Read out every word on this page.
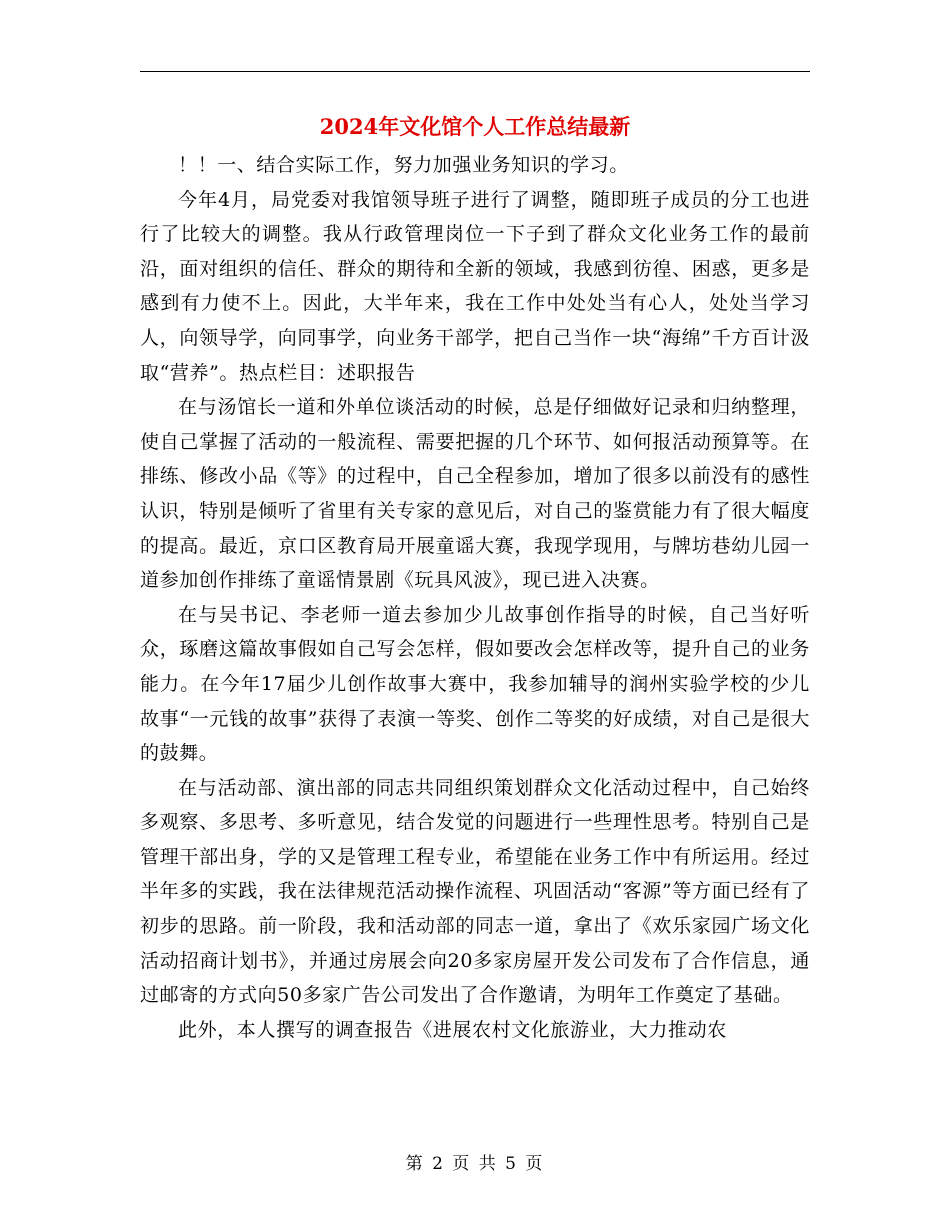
2024年文化馆个人工作总结最新

！！一、结合实际工作，努力加强业务知识的学习。

今年4月，局党委对我馆领导班子进行了调整，随即班子成员的分工也进行了比较大的调整。我从行政管理岗位一下子到了群众文化业务工作的最前沿，面对组织的信任、群众的期待和全新的领域，我感到彷徨、困惑，更多是感到有力使不上。因此，大半年来，我在工作中处处当有心人，处处当学习人，向领导学，向同事学，向业务干部学，把自己当作一块“海绵”千方百计汲取“营养”。热点栏目：述职报告

在与汤馆长一道和外单位谈活动的时候，总是仔细做好记录和归纳整理，使自己掌握了活动的一般流程、需要把握的几个环节、如何报活动预算等。在排练、修改小品《等》的过程中，自己全程参加，增加了很多以前没有的感性认识，特别是倾听了省里有关专家的意见后，对自己的鉴赏能力有了很大幅度的提高。最近，京口区教育局开展童谣大赛，我现学现用，与牌坊巷幼儿园一道参加创作排练了童谣情景剧《玩具风波》，现已进入决赛。

在与吴书记、李老师一道去参加少儿故事创作指导的时候，自己当好听众，琢磨这篇故事假如自己写会怎样，假如要改会怎样改等，提升自己的业务能力。在今年17届少儿创作故事大赛中，我参加辅导的润州实验学校的少儿故事“一元钱的故事”获得了表演一等奖、创作二等奖的好成绩，对自己是很大的鼓舞。

在与活动部、演出部的同志共同组织策划群众文化活动过程中，自己始终多观察、多思考、多听意见，结合发觉的问题进行一些理性思考。特别自己是管理干部出身，学的又是管理工程专业，希望能在业务工作中有所运用。经过半年多的实践，我在法律规范活动操作流程、巩固活动“客源”等方面已经有了初步的思路。前一阶段，我和活动部的同志一道，拿出了《欢乐家园广场文化活动招商计划书》，并通过房展会向20多家房屋开发公司发布了合作信息，通过邮寄的方式向50多家广告公司发出了合作邀请，为明年工作奠定了基础。

此外，本人撰写的调查报告《进展农村文化旅游业，大力推动农

第 2 页 共 5 页
